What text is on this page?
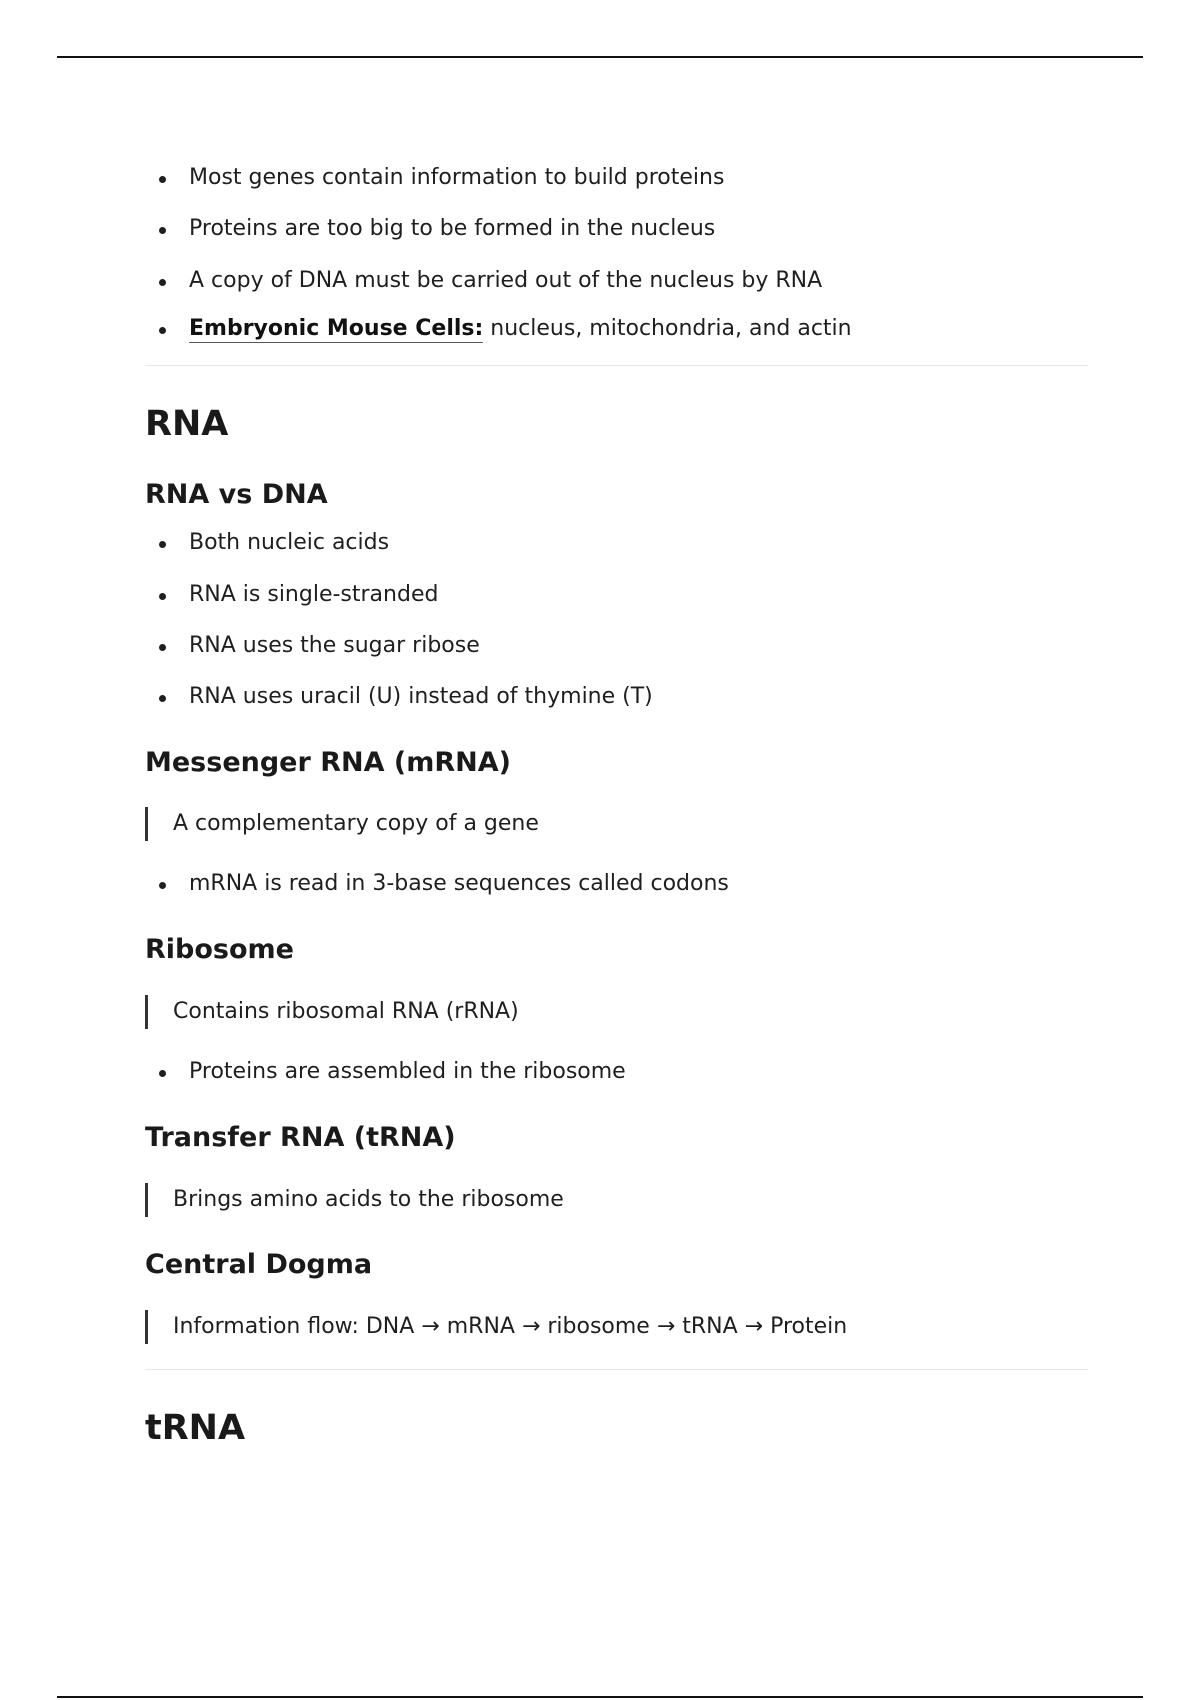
Most genes contain information to build proteins
Proteins are too big to be formed in the nucleus
A copy of DNA must be carried out of the nucleus by RNA
Embryonic Mouse Cells: nucleus, mitochondria, and actin
RNA
RNA vs DNA
Both nucleic acids
RNA is single-stranded
RNA uses the sugar ribose
RNA uses uracil (U) instead of thymine (T)
Messenger RNA (mRNA)
A complementary copy of a gene
mRNA is read in 3-base sequences called codons
Ribosome
Contains ribosomal RNA (rRNA)
Proteins are assembled in the ribosome
Transfer RNA (tRNA)
Brings amino acids to the ribosome
Central Dogma
Information flow: DNA → mRNA → ribosome → tRNA → Protein
tRNA
